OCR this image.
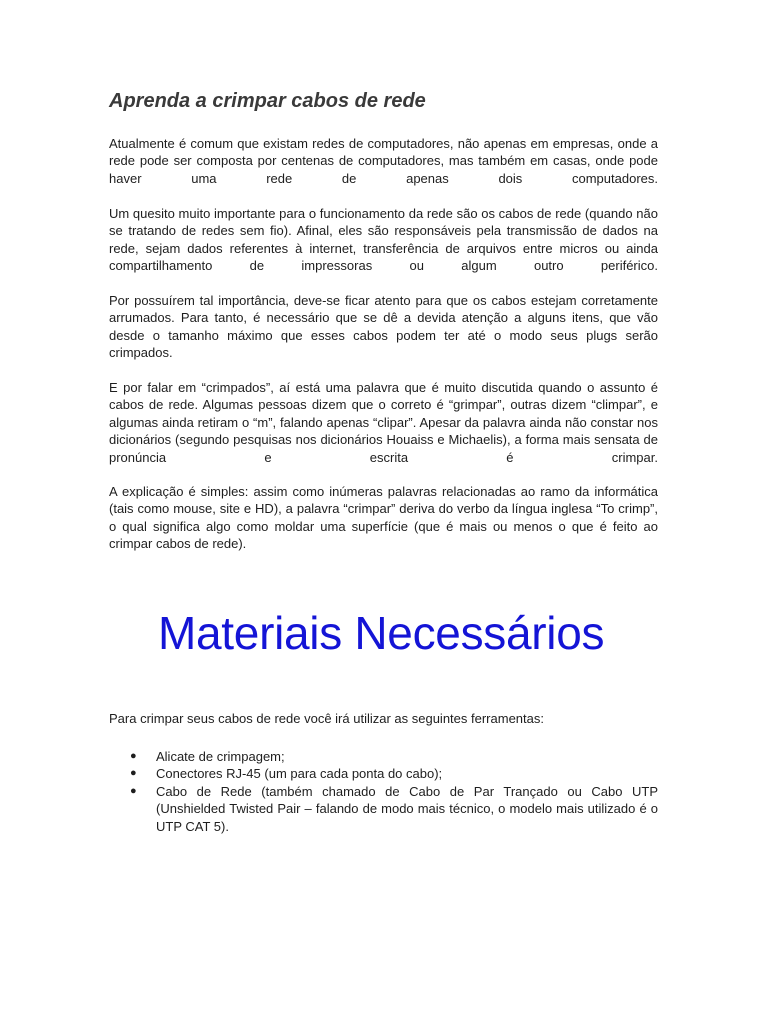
Aprenda a crimpar cabos de rede

Atualmente é comum que existam redes de computadores, não apenas em empresas, onde a rede pode ser composta por centenas de computadores, mas também em casas, onde pode haver uma rede de apenas dois computadores.

Um quesito muito importante para o funcionamento da rede são os cabos de rede (quando não se tratando de redes sem fio). Afinal, eles são responsáveis pela transmissão de dados na rede, sejam dados referentes à internet, transferência de arquivos entre micros ou ainda compartilhamento de impressoras ou algum outro periférico.

Por possuírem tal importância, deve-se ficar atento para que os cabos estejam corretamente arrumados. Para tanto, é necessário que se dê a devida atenção a alguns itens, que vão desde o tamanho máximo que esses cabos podem ter até o modo seus plugs serão crimpados.

E por falar em “crimpados”, aí está uma palavra que é muito discutida quando o assunto é cabos de rede. Algumas pessoas dizem que o correto é “grimpar”, outras dizem “climpar”, e algumas ainda retiram o “m”, falando apenas “clipar”. Apesar da palavra ainda não constar nos dicionários (segundo pesquisas nos dicionários Houaiss e Michaelis), a forma mais sensata de pronúncia e escrita é crimpar.

A explicação é simples: assim como inúmeras palavras relacionadas ao ramo da informática (tais como mouse, site e HD), a palavra “crimpar” deriva do verbo da língua inglesa “To crimp”, o qual significa algo como moldar uma superfície (que é mais ou menos o que é feito ao crimpar cabos de rede).

Materiais Necessários

Para crimpar seus cabos de rede você irá utilizar as seguintes ferramentas:

● Alicate de crimpagem;
● Conectores RJ-45 (um para cada ponta do cabo);
● Cabo de Rede (também chamado de Cabo de Par Trançado ou Cabo UTP (Unshielded Twisted Pair – falando de modo mais técnico, o modelo mais utilizado é o UTP CAT 5).
